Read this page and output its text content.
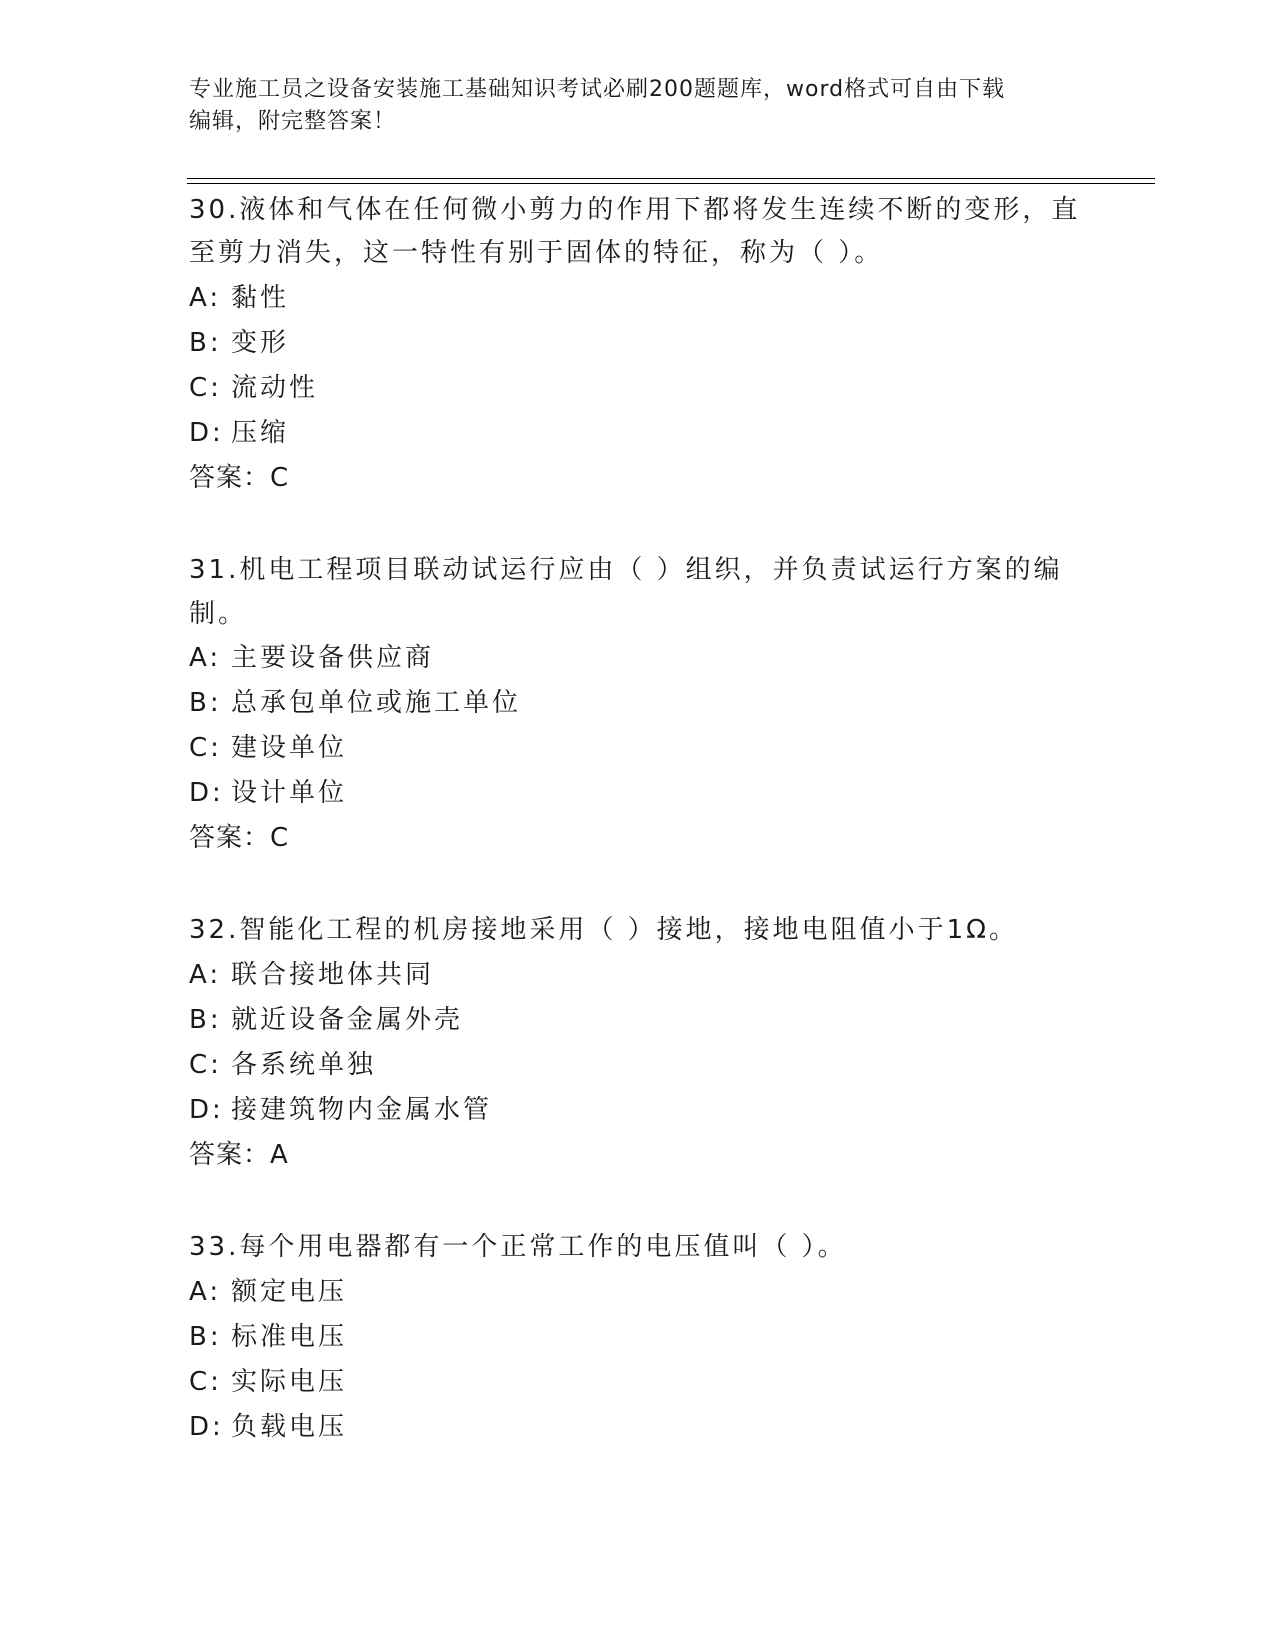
专业施工员之设备安装施工基础知识考试必刷200题题库，word格式可自由下载
编辑，附完整答案！
30.液体和气体在任何微小剪力的作用下都将发生连续不断的变形，直
至剪力消失，这一特性有别于固体的特征，称为（ ）。
A: 黏性
B: 变形
C: 流动性
D: 压缩
答案：C
31.机电工程项目联动试运行应由（ ）组织，并负责试运行方案的编
制。
A: 主要设备供应商
B: 总承包单位或施工单位
C: 建设单位
D: 设计单位
答案：C
32.智能化工程的机房接地采用（ ）接地，接地电阻值小于1Ω。
A: 联合接地体共同
B: 就近设备金属外壳
C: 各系统单独
D: 接建筑物内金属水管
答案：A
33.每个用电器都有一个正常工作的电压值叫（ ）。
A: 额定电压
B: 标准电压
C: 实际电压
D: 负载电压
